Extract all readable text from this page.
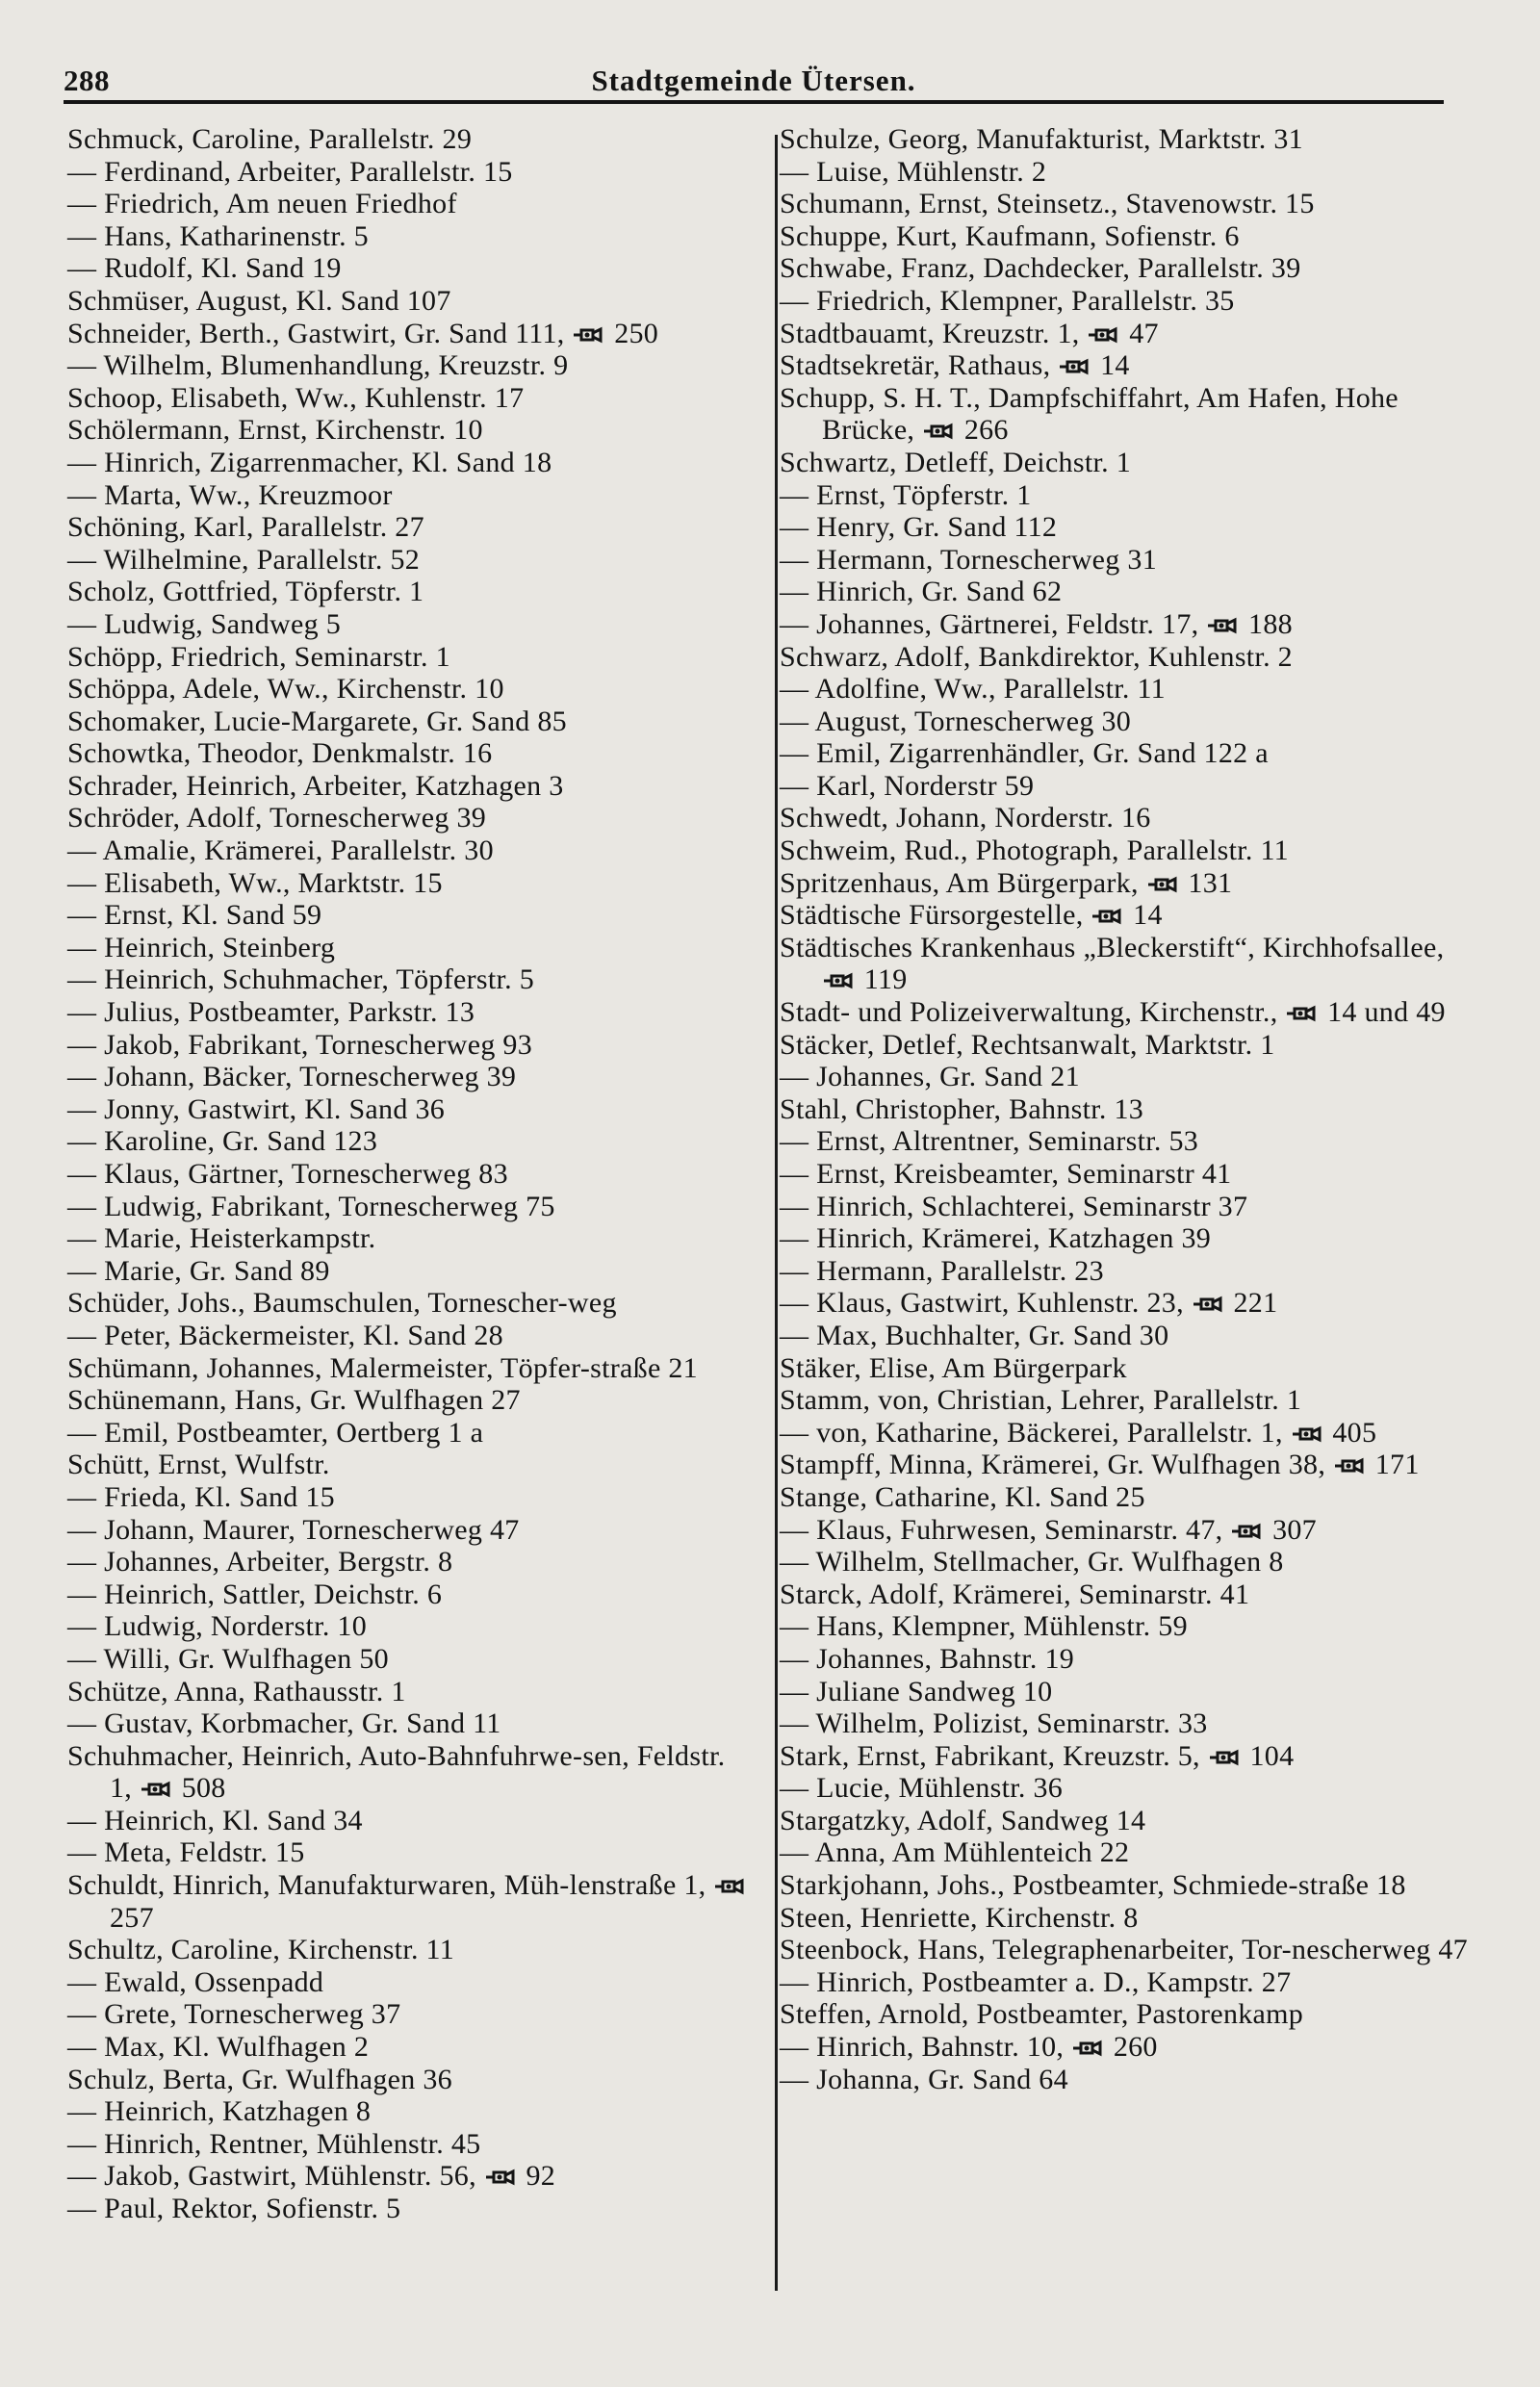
288	Stadtgemeinde Ütersen.
Schmuck, Caroline, Parallelstr. 29
— Ferdinand, Arbeiter, Parallelstr. 15
— Friedrich, Am neuen Friedhof
— Hans, Katharinenstr. 5
— Rudolf, Kl. Sand 19
Schmüser, August, Kl. Sand 107
Schneider, Berth., Gastwirt, Gr. Sand 111,
250
— Wilhelm, Blumenhandlung, Kreuzstr. 9
Schoop, Elisabeth, Ww., Kuhlenstr. 17
Schölermann, Ernst, Kirchenstr. 10
— Hinrich, Zigarrenmacher, Kl. Sand 18
— Marta, Ww., Kreuzmoor
Schöning, Karl, Parallelstr. 27
— Wilhelmine, Parallelstr. 52
Scholz, Gottfried, Töpferstr. 1
— Ludwig, Sandweg 5
Schöpp, Friedrich, Seminarstr. 1
Schöppa, Adele, Ww., Kirchenstr. 10
Schomaker, Lucie-Margarete, Gr. Sand 85
Schowtka, Theodor, Denkmalstr. 16
Schrader, Heinrich, Arbeiter, Katzhagen 3
Schröder, Adolf, Tornescherweg 39
— Amalie, Krämerei, Parallelstr. 30
— Elisabeth, Ww., Marktstr. 15
— Ernst, Kl. Sand 59
— Heinrich, Steinberg
— Heinrich, Schuhmacher, Töpferstr. 5
— Julius, Postbeamter, Parkstr. 13
— Jakob, Fabrikant, Tornescherweg 93
— Johann, Bäcker, Tornescherweg 39
— Jonny, Gastwirt, Kl. Sand 36
— Karoline, Gr. Sand 123
— Klaus, Gärtner, Tornescherweg 83
— Ludwig, Fabrikant, Tornescherweg 75
— Marie, Heisterkampstr.
— Marie, Gr. Sand 89
Schüder, Johs., Baumschulen, Tornescher-weg
— Peter, Bäckermeister, Kl. Sand 28
Schümann, Johannes, Malermeister, Töpfer-straße 21
Schünemann, Hans, Gr. Wulfhagen 27
— Emil, Postbeamter, Oertberg 1 a
Schütt, Ernst, Wulfstr.
— Frieda, Kl. Sand 15
— Johann, Maurer, Tornescherweg 47
— Johannes, Arbeiter, Bergstr. 8
— Heinrich, Sattler, Deichstr. 6
— Ludwig, Norderstr. 10
— Willi, Gr. Wulfhagen 50
Schütze, Anna, Rathausstr. 1
— Gustav, Korbmacher, Gr. Sand 11
Schuhmacher, Heinrich, Auto-Bahnfuhrwe-sen, Feldstr. 1,
508
— Heinrich, Kl. Sand 34
— Meta, Feldstr. 15
Schuldt, Hinrich, Manufakturwaren, Müh-lenstraße 1,
257
Schultz, Caroline, Kirchenstr. 11
— Ewald, Ossenpadd
— Grete, Tornescherweg 37
— Max, Kl. Wulfhagen 2
Schulz, Berta, Gr. Wulfhagen 36
— Heinrich, Katzhagen 8
— Hinrich, Rentner, Mühlenstr. 45
— Jakob, Gastwirt, Mühlenstr. 56,
92
— Paul, Rektor, Sofienstr. 5
Schulze, Georg, Manufakturist, Marktstr. 31
— Luise, Mühlenstr. 2
Schumann, Ernst, Steinsetz., Stavenowstr. 15
Schuppe, Kurt, Kaufmann, Sofienstr. 6
Schwabe, Franz, Dachdecker, Parallelstr. 39
— Friedrich, Klempner, Parallelstr. 35
Stadtbauamt, Kreuzstr. 1,
47
Stadtsekretär, Rathaus,
14
Schupp, S. H. T., Dampfschiffahrt, Am Hafen, Hohe Brücke,
266
Schwartz, Detleff, Deichstr. 1
— Ernst, Töpferstr. 1
— Henry, Gr. Sand 112
— Hermann, Tornescherweg 31
— Hinrich, Gr. Sand 62
— Johannes, Gärtnerei, Feldstr. 17,
188
Schwarz, Adolf, Bankdirektor, Kuhlenstr. 2
— Adolfine, Ww., Parallelstr. 11
— August, Tornescherweg 30
— Emil, Zigarrenhändler, Gr. Sand 122 a
— Karl, Norderstr 59
Schwedt, Johann, Norderstr. 16
Schweim, Rud., Photograph, Parallelstr. 11
Spritzenhaus, Am Bürgerpark,
131
Städtische Fürsorgestelle,
14
Städtisches Krankenhaus „Bleckerstift“, Kirchhofsallee,
119
Stadt- und Polizeiverwaltung, Kirchenstr.,
14 und 49
Stäcker, Detlef, Rechtsanwalt, Marktstr. 1
— Johannes, Gr. Sand 21
Stahl, Christopher, Bahnstr. 13
— Ernst, Altrentner, Seminarstr. 53
— Ernst, Kreisbeamter, Seminarstr 41
— Hinrich, Schlachterei, Seminarstr 37
— Hinrich, Krämerei, Katzhagen 39
— Hermann, Parallelstr. 23
— Klaus, Gastwirt, Kuhlenstr. 23,
221
— Max, Buchhalter, Gr. Sand 30
Stäker, Elise, Am Bürgerpark
Stamm, von, Christian, Lehrer, Parallelstr. 1
— von, Katharine, Bäckerei, Parallelstr. 1,
405
Stampff, Minna, Krämerei, Gr. Wulfhagen 38,
171
Stange, Catharine, Kl. Sand 25
— Klaus, Fuhrwesen, Seminarstr. 47,
307
— Wilhelm, Stellmacher, Gr. Wulfhagen 8
Starck, Adolf, Krämerei, Seminarstr. 41
— Hans, Klempner, Mühlenstr. 59
— Johannes, Bahnstr. 19
— Juliane Sandweg 10
— Wilhelm, Polizist, Seminarstr. 33
Stark, Ernst, Fabrikant, Kreuzstr. 5,
104
— Lucie, Mühlenstr. 36
Stargatzky, Adolf, Sandweg 14
— Anna, Am Mühlenteich 22
Starkjohann, Johs., Postbeamter, Schmiede-straße 18
Steen, Henriette, Kirchenstr. 8
Steenbock, Hans, Telegraphenarbeiter, Tor-nescherweg 47
— Hinrich, Postbeamter a. D., Kampstr. 27
Steffen, Arnold, Postbeamter, Pastorenkamp
— Hinrich, Bahnstr. 10,
260
— Johanna, Gr. Sand 64
